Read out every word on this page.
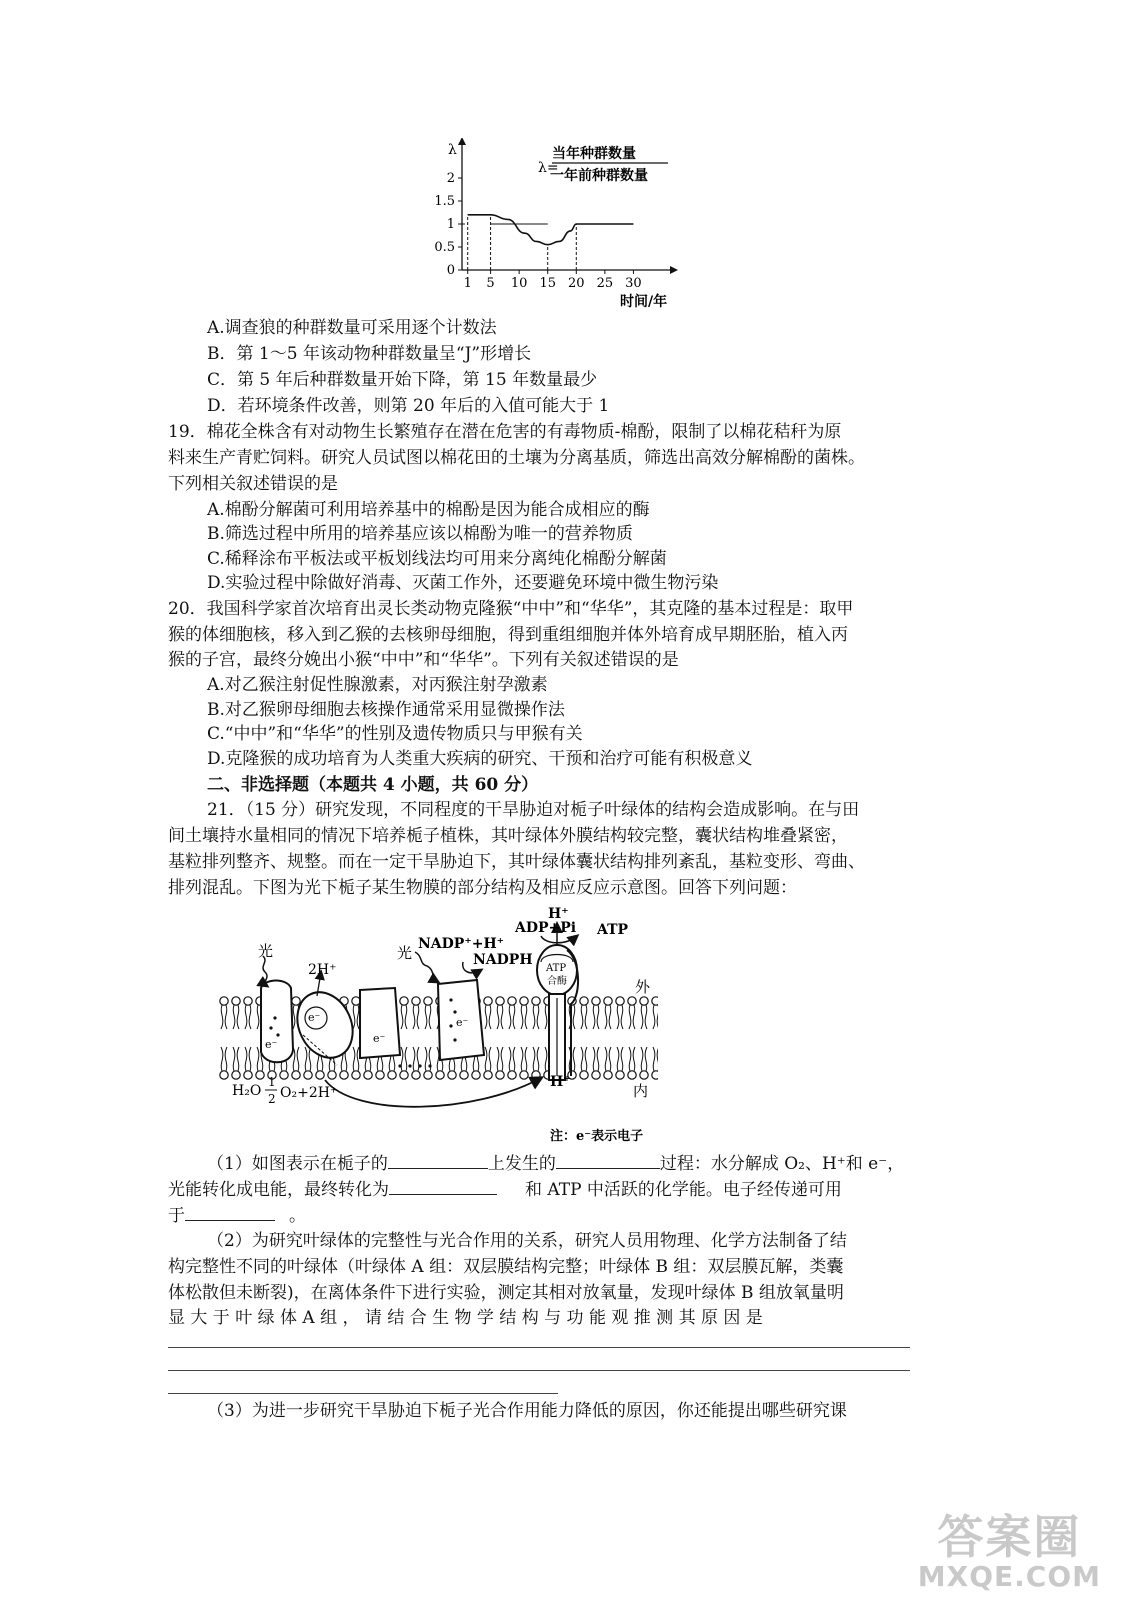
λ=
当年种群数量
一年前种群数量
λ
时间/年
1 5 10 15 20 25 30
0
0.5
1
1.5
2
A.调查狼的种群数量可采用逐个计数法
B．第 1～5 年该动物种群数量呈“J”形增长
C．第 5 年后种群数量开始下降，第 15 年数量最少
D．若环境条件改善，则第 20 年后的入值可能大于 1
19．棉花全株含有对动物生长繁殖存在潜在危害的有毒物质-棉酚，限制了以棉花秸秆为原
料来生产青贮饲料。研究人员试图以棉花田的土壤为分离基质，筛选出高效分解棉酚的菌株。
下列相关叙述错误的是
A.棉酚分解菌可利用培养基中的棉酚是因为能合成相应的酶
B.筛选过程中所用的培养基应该以棉酚为唯一的营养物质
C.稀释涂布平板法或平板划线法均可用来分离纯化棉酚分解菌
D.实验过程中除做好消毒、灭菌工作外，还要避免环境中微生物污染
20．我国科学家首次培育出灵长类动物克隆猴“中中”和“华华”，其克隆的基本过程是：取甲
猴的体细胞核，移入到乙猴的去核卵母细胞，得到重组细胞并体外培育成早期胚胎，植入丙
猴的子宫，最终分娩出小猴“中中”和“华华”。下列有关叙述错误的是
A.对乙猴注射促性腺激素，对丙猴注射孕激素
B.对乙猴卵母细胞去核操作通常采用显微操作法
C.“中中”和“华华”的性别及遗传物质只与甲猴有关
D.克隆猴的成功培育为人类重大疾病的研究、干预和治疗可能有积极意义
二、非选择题（本题共 4 小题，共 60 分）
21．（15 分）研究发现，不同程度的干旱胁迫对栀子叶绿体的结构会造成影响。在与田
间土壤持水量相同的情况下培养栀子植株，其叶绿体外膜结构较完整，囊状结构堆叠紧密，
基粒排列整齐、规整。而在一定干旱胁迫下，其叶绿体囊状结构排列紊乱，基粒变形、弯曲、
排列混乱。下图为光下栀子某生物膜的部分结构及相应反应示意图。回答下列问题：
e⁻
e⁻
e⁻
e⁻
ATP
合酶
光	光
2H⁺
NADP⁺+H⁺
NADPH
ADP+Pi ATP
H⁺
H⁺
外
内
H₂O
1
2 O₂+2H⁺
注：e⁻表示电子
（1）如图表示在栀子的	上发生的	过程：水分解成 O₂、H⁺和 e⁻，
光能转化成电能，最终转化为	和 ATP 中活跃的化学能。电子经传递可用
于	。
（2）为研究叶绿体的完整性与光合作用的关系，研究人员用物理、化学方法制备了结
构完整性不同的叶绿体（叶绿体 A 组：双层膜结构完整；叶绿体 B 组：双层膜瓦解，类囊
体松散但未断裂)，在离体条件下进行实验，测定其相对放氧量，发现叶绿体 B 组放氧量明
显 大 于 叶 绿 体 A 组 ， 请 结 合 生 物 学 结 构 与 功 能 观 推 测 其 原 因 是
（3）为进一步研究干旱胁迫下栀子光合作用能力降低的原因，你还能提出哪些研究课
答案圈
MXQE.COM
